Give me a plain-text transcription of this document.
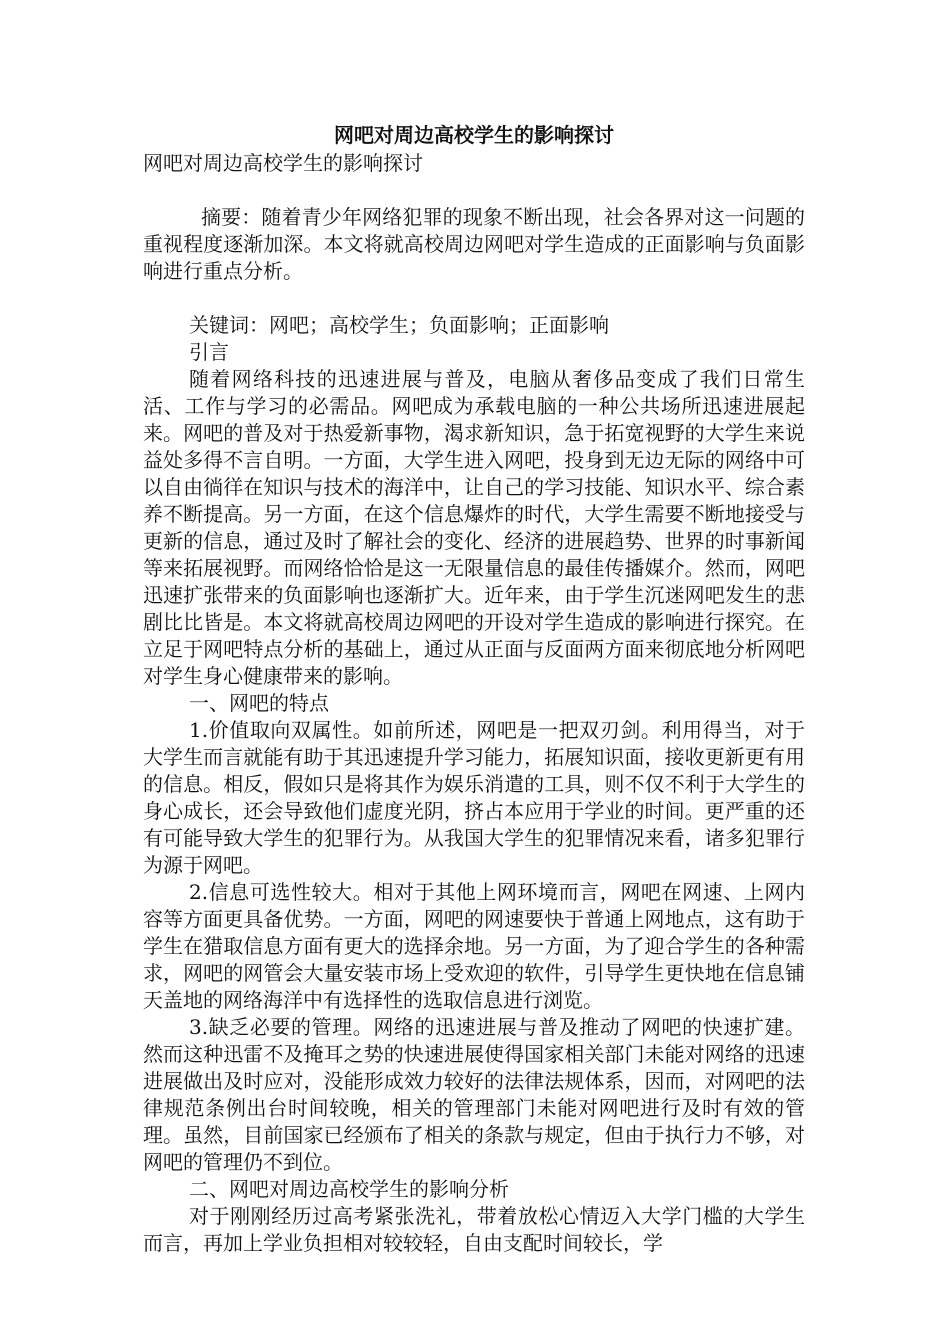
网吧对周边高校学生的影响探讨

网吧对周边高校学生的影响探讨

摘要：随着青少年网络犯罪的现象不断出现，社会各界对这一问题的重视程度逐渐加深。本文将就高校周边网吧对学生造成的正面影响与负面影响进行重点分析。

关键词：网吧；高校学生；负面影响；正面影响

引言

随着网络科技的迅速进展与普及，电脑从奢侈品变成了我们日常生活、工作与学习的必需品。网吧成为承载电脑的一种公共场所迅速进展起来。网吧的普及对于热爱新事物，渴求新知识，急于拓宽视野的大学生来说益处多得不言自明。一方面，大学生进入网吧，投身到无边无际的网络中可以自由徜徉在知识与技术的海洋中，让自己的学习技能、知识水平、综合素养不断提高。另一方面，在这个信息爆炸的时代，大学生需要不断地接受与更新的信息，通过及时了解社会的变化、经济的进展趋势、世界的时事新闻等来拓展视野。而网络恰恰是这一无限量信息的最佳传播媒介。然而，网吧迅速扩张带来的负面影响也逐渐扩大。近年来，由于学生沉迷网吧发生的悲剧比比皆是。本文将就高校周边网吧的开设对学生造成的影响进行探究。在立足于网吧特点分析的基础上，通过从正面与反面两方面来彻底地分析网吧对学生身心健康带来的影响。

一、网吧的特点

1.价值取向双属性。如前所述，网吧是一把双刃剑。利用得当，对于大学生而言就能有助于其迅速提升学习能力，拓展知识面，接收更新更有用的信息。相反，假如只是将其作为娱乐消遣的工具，则不仅不利于大学生的身心成长，还会导致他们虚度光阴，挤占本应用于学业的时间。更严重的还有可能导致大学生的犯罪行为。从我国大学生的犯罪情况来看，诸多犯罪行为源于网吧。

2.信息可选性较大。相对于其他上网环境而言，网吧在网速、上网内容等方面更具备优势。一方面，网吧的网速要快于普通上网地点，这有助于学生在猎取信息方面有更大的选择余地。另一方面，为了迎合学生的各种需求，网吧的网管会大量安装市场上受欢迎的软件，引导学生更快地在信息铺天盖地的网络海洋中有选择性的选取信息进行浏览。

3.缺乏必要的管理。网络的迅速进展与普及推动了网吧的快速扩建。然而这种迅雷不及掩耳之势的快速进展使得国家相关部门未能对网络的迅速进展做出及时应对，没能形成效力较好的法律法规体系，因而，对网吧的法律规范条例出台时间较晚，相关的管理部门未能对网吧进行及时有效的管理。虽然，目前国家已经颁布了相关的条款与规定，但由于执行力不够，对网吧的管理仍不到位。

二、网吧对周边高校学生的影响分析

对于刚刚经历过高考紧张洗礼，带着放松心情迈入大学门槛的大学生而言，再加上学业负担相对较较轻，自由支配时间较长，学
